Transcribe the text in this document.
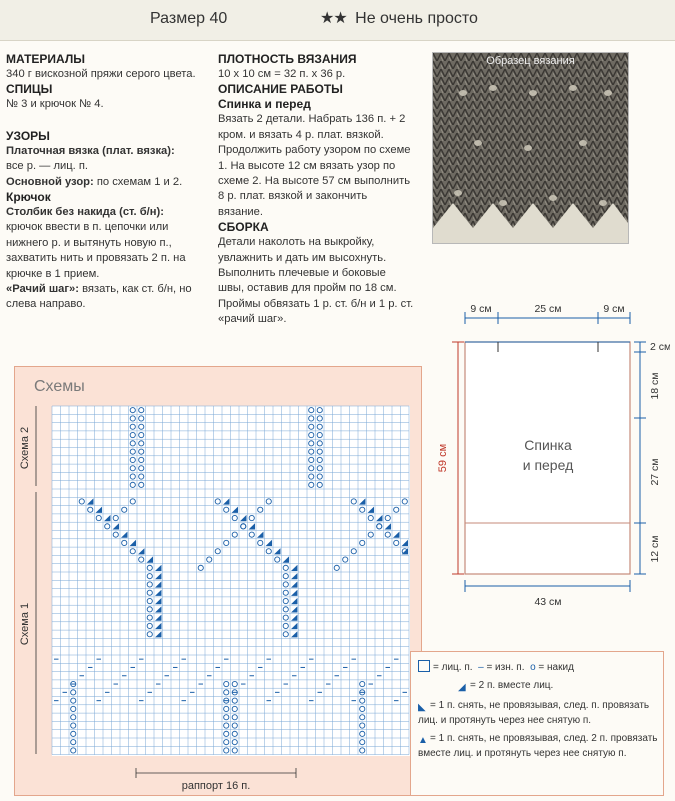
Размер 40	★★ Не очень просто
МАТЕРИАЛЫ
340 г вискозной пряжи серого цвета.
СПИЦЫ
№ 3 и крючок № 4.
УЗОРЫ
Платочная вязка (плат. вязка):
все р. — лиц. п.
Основной узор: по схемам 1 и 2.
Крючок
Столбик без накида (ст. б/н): крючок ввести в п. цепочки или нижнего р. и вытянуть новую п., захватить нить и провязать 2 п. на крючке в 1 прием.
«Рачий шаг»: вязать, как ст. б/н, но слева направо.
ПЛОТНОСТЬ ВЯЗАНИЯ
10 х 10 см = 32 п. х 36 р.
ОПИСАНИЕ РАБОТЫ
Спинка и перед
Вязать 2 детали. Набрать 136 п. + 2 кром. и вязать 4 р. плат. вязкой. Продолжить работу узором по схеме 1. На высоте 12 см вязать узор по схеме 2. На высоте 57 см выполнить 8 р. плат. вязкой и закончить вязание.
СБОРКА
Детали наколоть на выкройку, увлажнить и дать им высохнуть. Выполнить плечевые и боковые швы, оставив для пройм по 18 см. Проймы обвязать 1 р. ст. б/н и 1 р. ст. «рачий шаг».
Образец вязания
9 см	25 см	9 см
2 см
18 см
27 см
12 см
59 см
43 см
Спинка
и перед
Схемы
Схема 2
Схема 1
раппорт 16 п.
= лиц. п. – = изн. п. o = накид
◢ = 2 п. вместе лиц.
◣ = 1 п. снять, не провязывая, след. п. провязать лиц. и протянуть через нее снятую п.
▲ = 1 п. снять, не провязывая, след. 2 п. провязать вместе лиц. и протянуть через нее снятую п.
